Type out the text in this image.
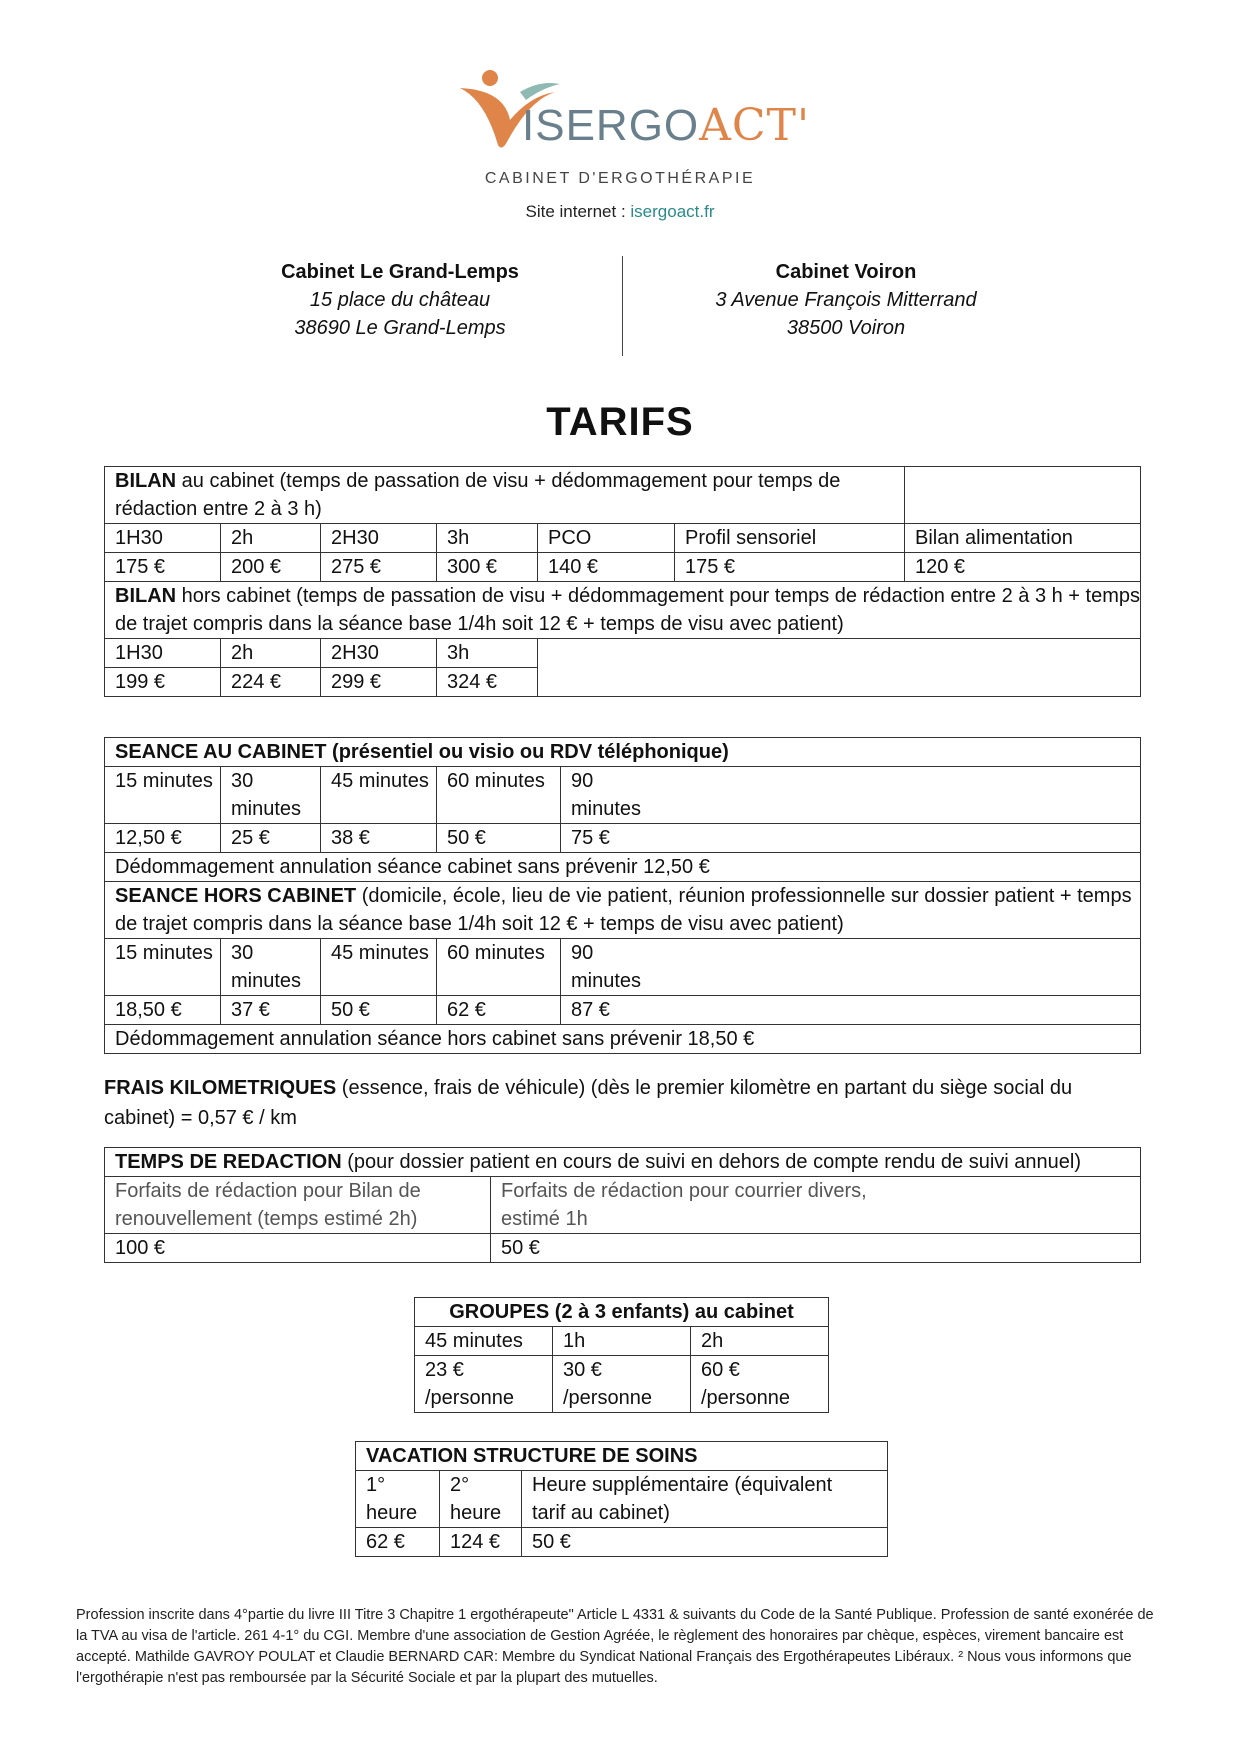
ISERGOACT'
CABINET D'ERGOTHÉRAPIE
Site internet : isergoact.fr
Cabinet Le Grand-Lemps
15 place du château
38690 Le Grand-Lemps
Cabinet Voiron
3 Avenue François Mitterrand
38500 Voiron
TARIFS
BILAN au cabinet (temps de passation de visu + dédommagement pour temps de rédaction entre 2 à 3 h)						
1H30	2h	2H30	3h	PCO	Profil sensoriel	Bilan alimentation
175 €	200 €	275 €	300 €	140 €	175 €	120 €
BILAN hors cabinet (temps de passation de visu + dédommagement pour temps de rédaction entre 2 à 3 h + temps de trajet compris dans la séance base 1/4h soit 12 € + temps de visu avec patient)						
1H30	2h	2H30	3h			
199 €	224 €	299 €	324 €			
SEANCE AU CABINET (présentiel ou visio ou RDV téléphonique)				
15 minutes	30 minutes	45 minutes	60 minutes	90 minutes
12,50 €	25 €	38 €	50 €	75 €
Dédommagement annulation séance cabinet sans prévenir 12,50 €				
SEANCE HORS CABINET (domicile, école, lieu de vie patient, réunion professionnelle sur dossier patient + temps de trajet compris dans la séance base 1/4h soit 12 € + temps de visu avec patient)				
15 minutes	30 minutes	45 minutes	60 minutes	90 minutes
18,50 €	37 €	50 €	62 €	87 €
Dédommagement annulation séance hors cabinet sans prévenir 18,50 €				
FRAIS KILOMETRIQUES (essence, frais de véhicule) (dès le premier kilomètre en partant du siège social du cabinet) = 0,57 € / km
TEMPS DE REDACTION (pour dossier patient en cours de suivi en dehors de compte rendu de suivi annuel)	
Forfaits de rédaction pour Bilan de renouvellement (temps estimé 2h)	Forfaits de rédaction pour courrier divers, estimé 1h
100 €	50 €
GROUPES (2 à 3 enfants) au cabinet		
45 minutes	1h	2h
23 € /personne	30 € /personne	60 € /personne
VACATION STRUCTURE DE SOINS		
1° heure	2° heure	Heure supplémentaire (équivalent tarif au cabinet)
62 €	124 €	50 €
Profession inscrite dans 4°partie du livre III Titre 3 Chapitre 1 ergothérapeute" Article L 4331 & suivants du Code de la Santé Publique. Profession de santé exonérée de la TVA au visa de l'article. 261 4-1° du CGI. Membre d'une association de Gestion Agréée, le règlement des honoraires par chèque, espèces, virement bancaire est accepté. Mathilde GAVROY POULAT et Claudie BERNARD CAR: Membre du Syndicat National Français des Ergothérapeutes Libéraux. ² Nous vous informons que l'ergothérapie n'est pas remboursée par la Sécurité Sociale et par la plupart des mutuelles.
